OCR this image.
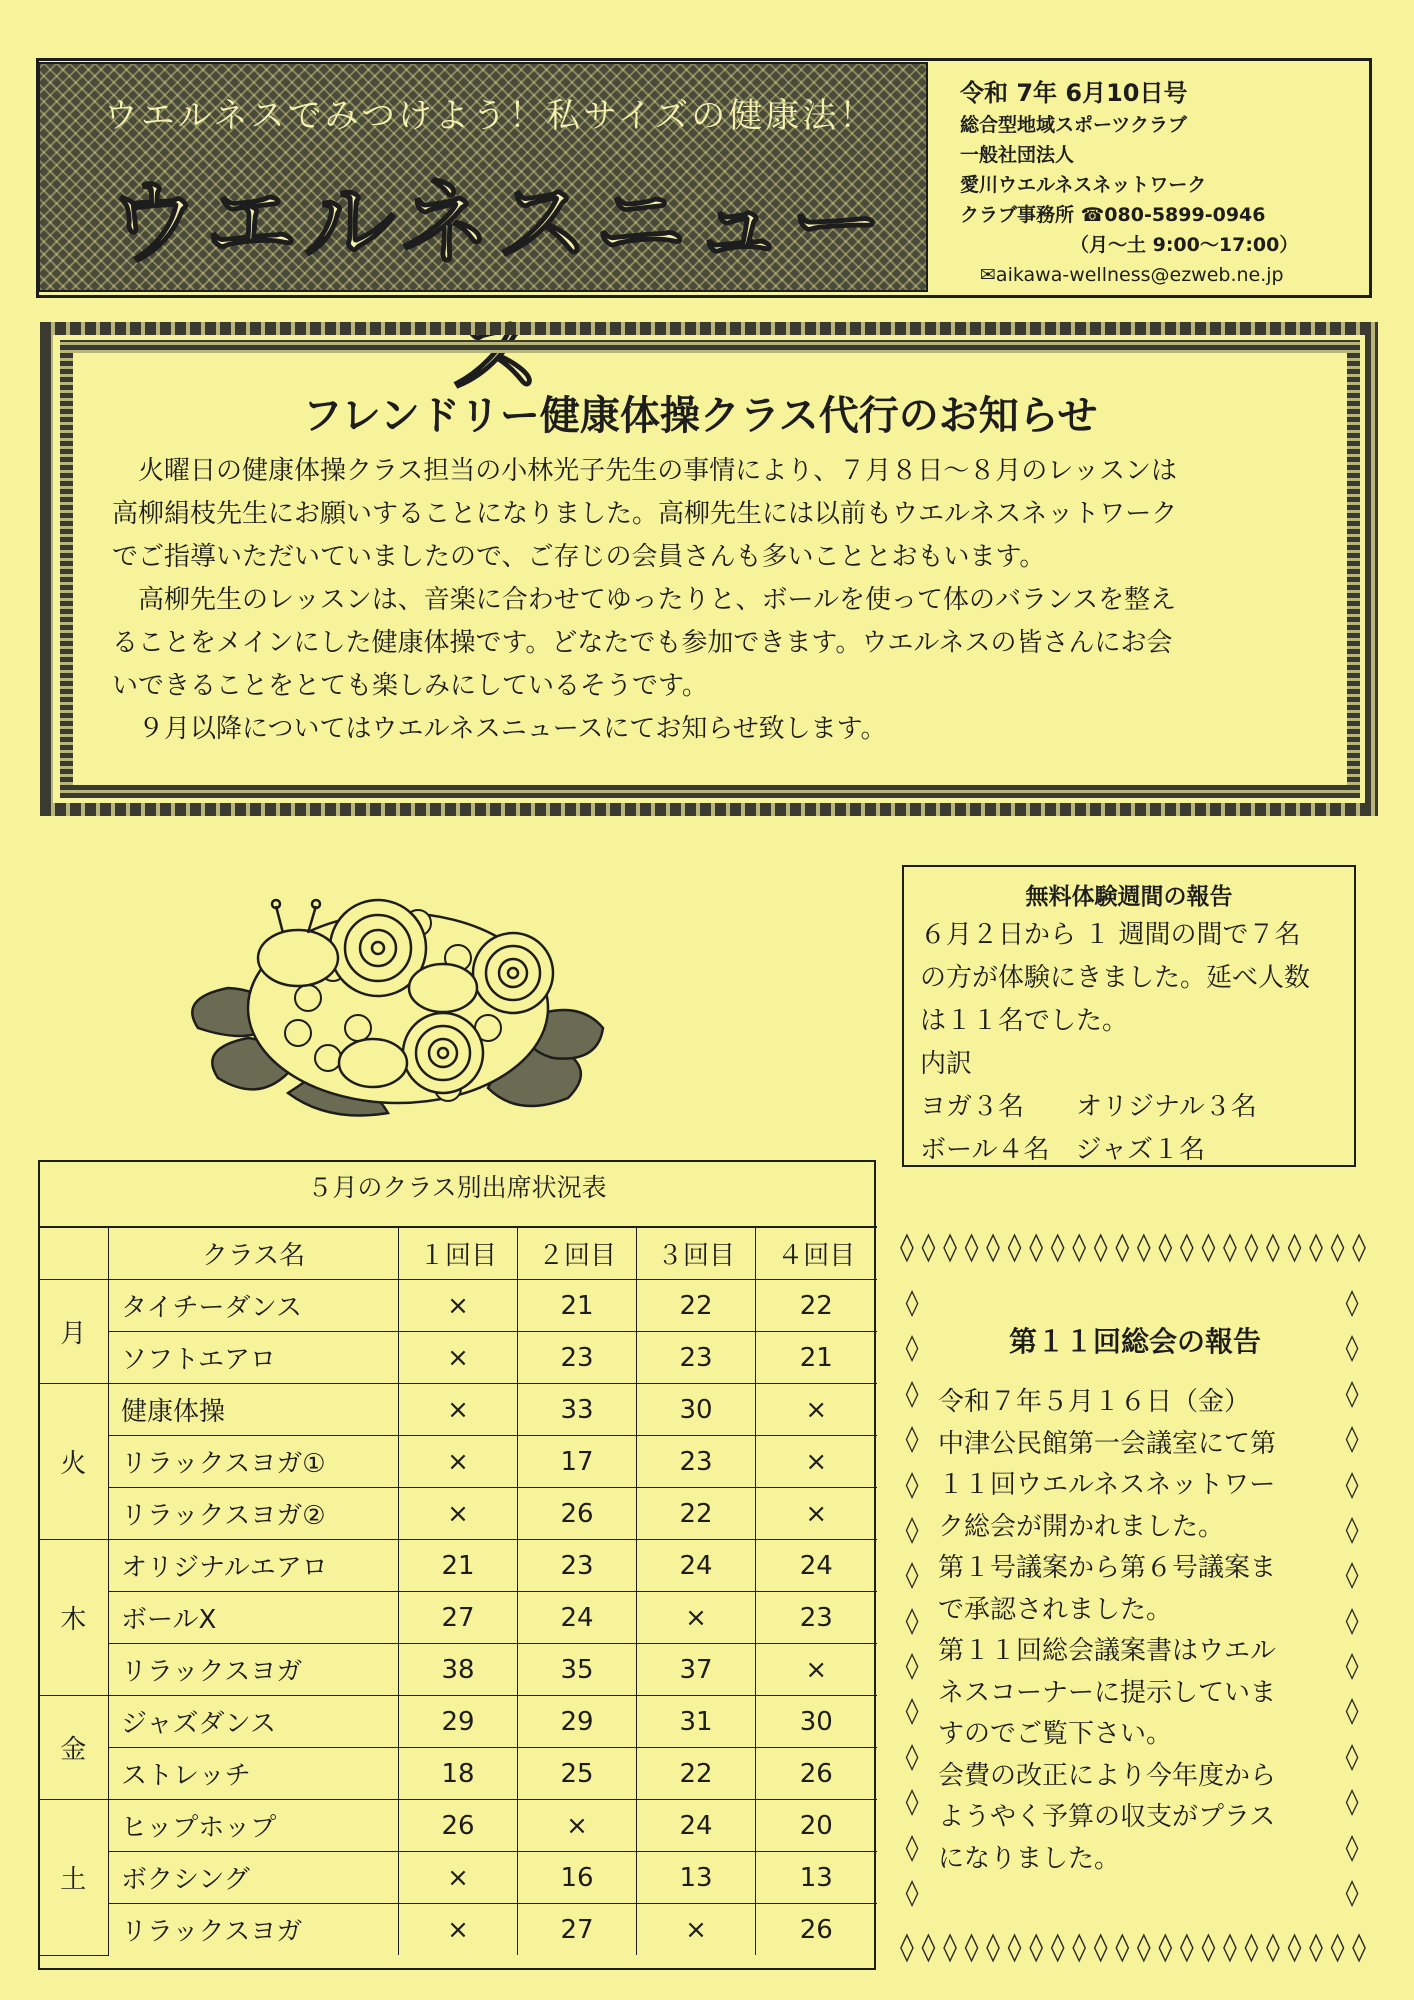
ウエルネスでみつけよう！私サイズの健康法！
ウエルネスニュース
令和 7年 6月10日号
総合型地域スポーツクラブ
一般社団法人
愛川ウエルネスネットワーク
クラブ事務所 ☎080-5899-0946
（月～土 9:00～17:00）
✉aikawa-wellness@ezweb.ne.jp
フレンドリー健康体操クラス代行のお知らせ

　火曜日の健康体操クラス担当の小林光子先生の事情により、７月８日～８月のレッスンは

高柳絹枝先生にお願いすることになりました。高柳先生には以前もウエルネスネットワーク

でご指導いただいていましたので、ご存じの会員さんも多いこととおもいます。

　高柳先生のレッスンは、音楽に合わせてゆったりと、ボールを使って体のバランスを整え

ることをメインにした健康体操です。どなたでも参加できます。ウエルネスの皆さんにお会

いできることをとても楽しみにしているそうです。

　９月以降についてはウエルネスニュースにてお知らせ致します。

無料体験週間の報告
６月２日から １ 週間の間で７名
の方が体験にきました。延べ人数
は１１名でした。
内訳
ヨガ３名　　オリジナル３名
ボール４名　ジャズ１名
５月のクラス別出席状況表
	クラス名	１回目	２回目	３回目	４回目
月	タイチーダンス	×	21	22	22
	ソフトエアロ	×	23	23	21
火	健康体操	×	33	30	×
	リラックスヨガ①	×	17	23	×
	リラックスヨガ②	×	26	22	×
木	オリジナルエアロ	21	23	24	24
	ボールX	27	24	×	23
	リラックスヨガ	38	35	37	×
金	ジャズダンス	29	29	31	30
	ストレッチ	18	25	22	26
土	ヒップホップ	26	×	24	20
	ボクシング	×	16	13	13
	リラックスヨガ	×	27	×	26
◊ ◊ ◊ ◊ ◊ ◊ ◊ ◊ ◊ ◊ ◊ ◊ ◊ ◊ ◊ ◊ ◊ ◊ ◊ ◊ ◊ ◊
◊ ◊ ◊ ◊ ◊ ◊ ◊ ◊ ◊ ◊ ◊ ◊ ◊ ◊ ◊ ◊ ◊ ◊ ◊ ◊ ◊ ◊
◊
◊
◊
◊
◊
◊
◊
◊
◊
◊
◊
◊
◊
◊
◊
◊
◊
◊
◊
◊
◊
◊
◊
◊
◊
◊
◊
◊
第１１回総会の報告
令和７年５月１６日（金）
中津公民館第一会議室にて第
１１回ウエルネスネットワー
ク総会が開かれました。
第１号議案から第６号議案ま
で承認されました。
第１１回総会議案書はウエル
ネスコーナーに提示していま
すのでご覧下さい。
会費の改正により今年度から
ようやく予算の収支がプラス
になりました。
